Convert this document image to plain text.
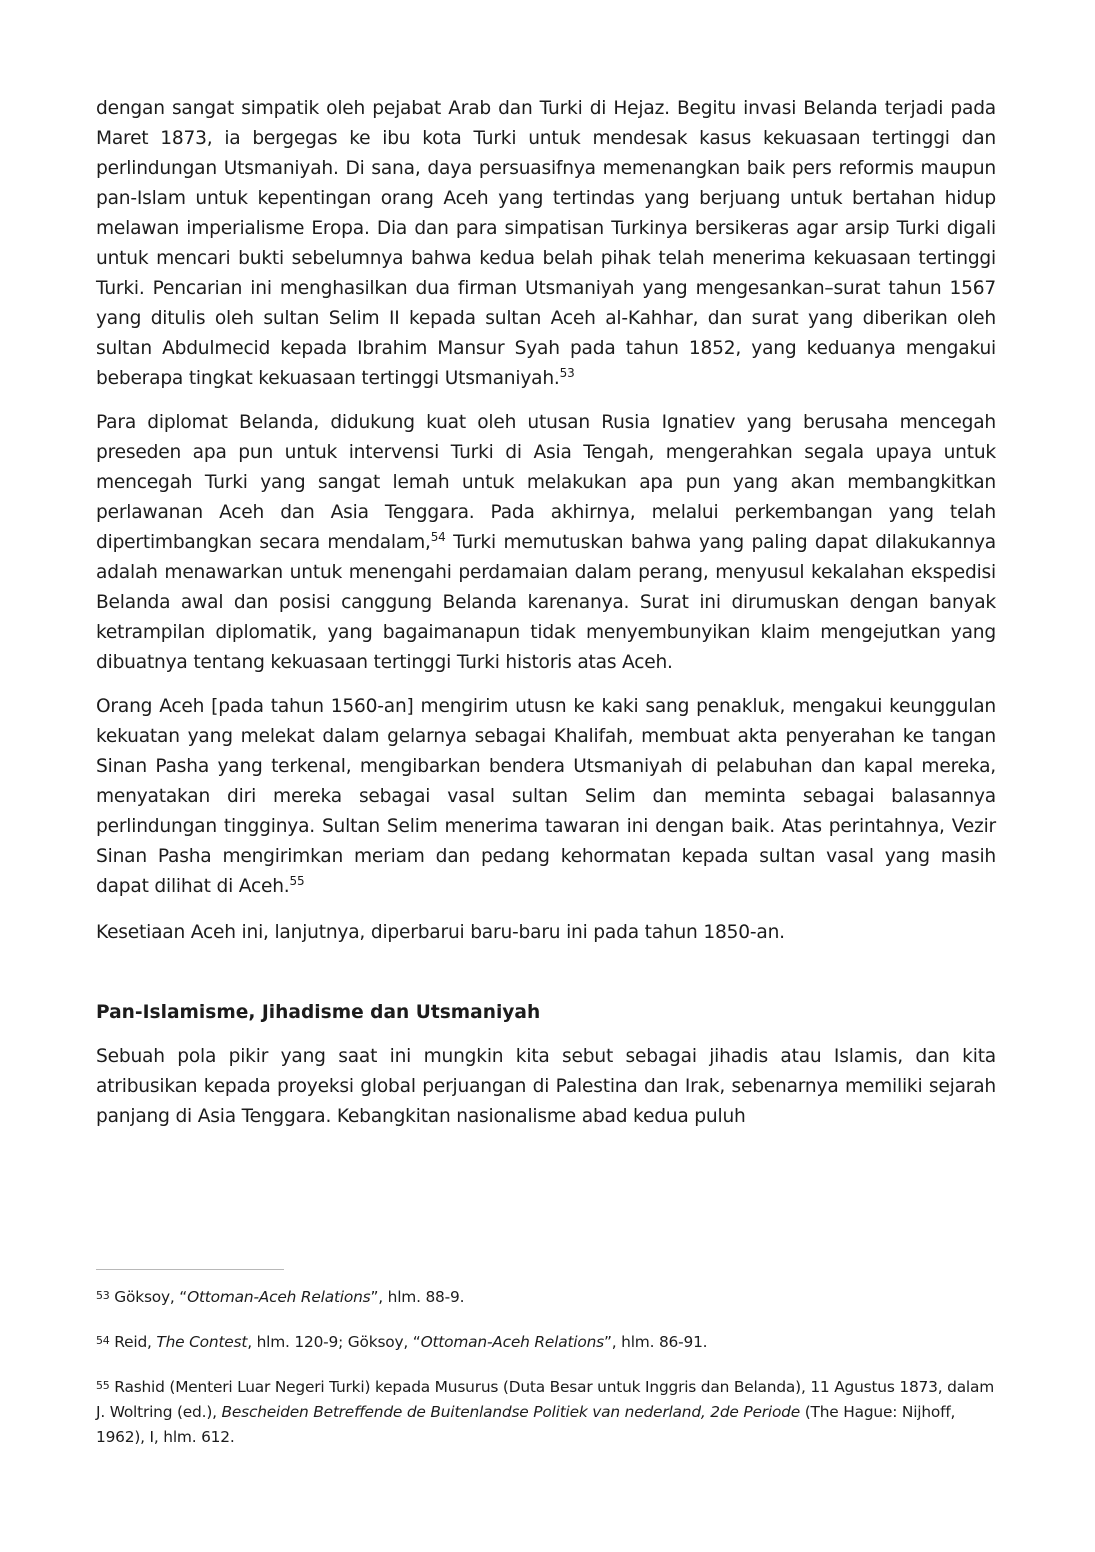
dengan sangat simpatik oleh pejabat Arab dan Turki di Hejaz. Begitu invasi Belanda terjadi pada Maret 1873, ia bergegas ke ibu kota Turki untuk mendesak kasus kekuasaan tertinggi dan perlindungan Utsmaniyah. Di sana, daya persuasifnya memenangkan baik pers reformis maupun pan-Islam untuk kepentingan orang Aceh yang tertindas yang berjuang untuk bertahan hidup melawan imperialisme Eropa. Dia dan para simpatisan Turkinya bersikeras agar arsip Turki digali untuk mencari bukti sebelumnya bahwa kedua belah pihak telah menerima kekuasaan tertinggi Turki. Pencarian ini menghasilkan dua firman Utsmaniyah yang mengesankan–surat tahun 1567 yang ditulis oleh sultan Selim II kepada sultan Aceh al-Kahhar, dan surat yang diberikan oleh sultan Abdulmecid kepada Ibrahim Mansur Syah pada tahun 1852, yang keduanya mengakui beberapa tingkat kekuasaan tertinggi Utsmaniyah.$^{53}$

Para diplomat Belanda, didukung kuat oleh utusan Rusia Ignatiev yang berusaha mencegah preseden apa pun untuk intervensi Turki di Asia Tengah, mengerahkan segala upaya untuk mencegah Turki yang sangat lemah untuk melakukan apa pun yang akan membangkitkan perlawanan Aceh dan Asia Tenggara. Pada akhirnya, melalui perkembangan yang telah dipertimbangkan secara mendalam,$^{54}$ Turki memutuskan bahwa yang paling dapat dilakukannya adalah menawarkan untuk menengahi perdamaian dalam perang, menyusul kekalahan ekspedisi Belanda awal dan posisi canggung Belanda karenanya. Surat ini dirumuskan dengan banyak ketrampilan diplomatik, yang bagaimanapun tidak menyembunyikan klaim mengejutkan yang dibuatnya tentang kekuasaan tertinggi Turki historis atas Aceh.

Orang Aceh [pada tahun 1560-an] mengirim utusn ke kaki sang penakluk, mengakui keunggulan kekuatan yang melekat dalam gelarnya sebagai Khalifah, membuat akta penyerahan ke tangan Sinan Pasha yang terkenal, mengibarkan bendera Utsmaniyah di pelabuhan dan kapal mereka, menyatakan diri mereka sebagai vasal sultan Selim dan meminta sebagai balasannya perlindungan tingginya. Sultan Selim menerima tawaran ini dengan baik. Atas perintahnya, Vezir Sinan Pasha mengirimkan meriam dan pedang kehormatan kepada sultan vasal yang masih dapat dilihat di Aceh.$^{55}$

Kesetiaan Aceh ini, lanjutnya, diperbarui baru-baru ini pada tahun 1850-an.

Pan-Islamisme, Jihadisme dan Utsmaniyah

Sebuah pola pikir yang saat ini mungkin kita sebut sebagai jihadis atau Islamis, dan kita atribusikan kepada proyeksi global perjuangan di Palestina dan Irak, sebenarnya memiliki sejarah panjang di Asia Tenggara. Kebangkitan nasionalisme abad kedua puluh

53 Göksoy, “Ottoman-Aceh Relations”, hlm. 88-9.

54 Reid, The Contest, hlm. 120-9; Göksoy, “Ottoman-Aceh Relations”, hlm. 86-91.

55 Rashid (Menteri Luar Negeri Turki) kepada Musurus (Duta Besar untuk Inggris dan Belanda), 11 Agustus 1873, dalam J. Woltring (ed.), Bescheiden Betreffende de Buitenlandse Politiek van nederland, 2de Periode (The Hague: Nijhoff, 1962), I, hlm. 612.
